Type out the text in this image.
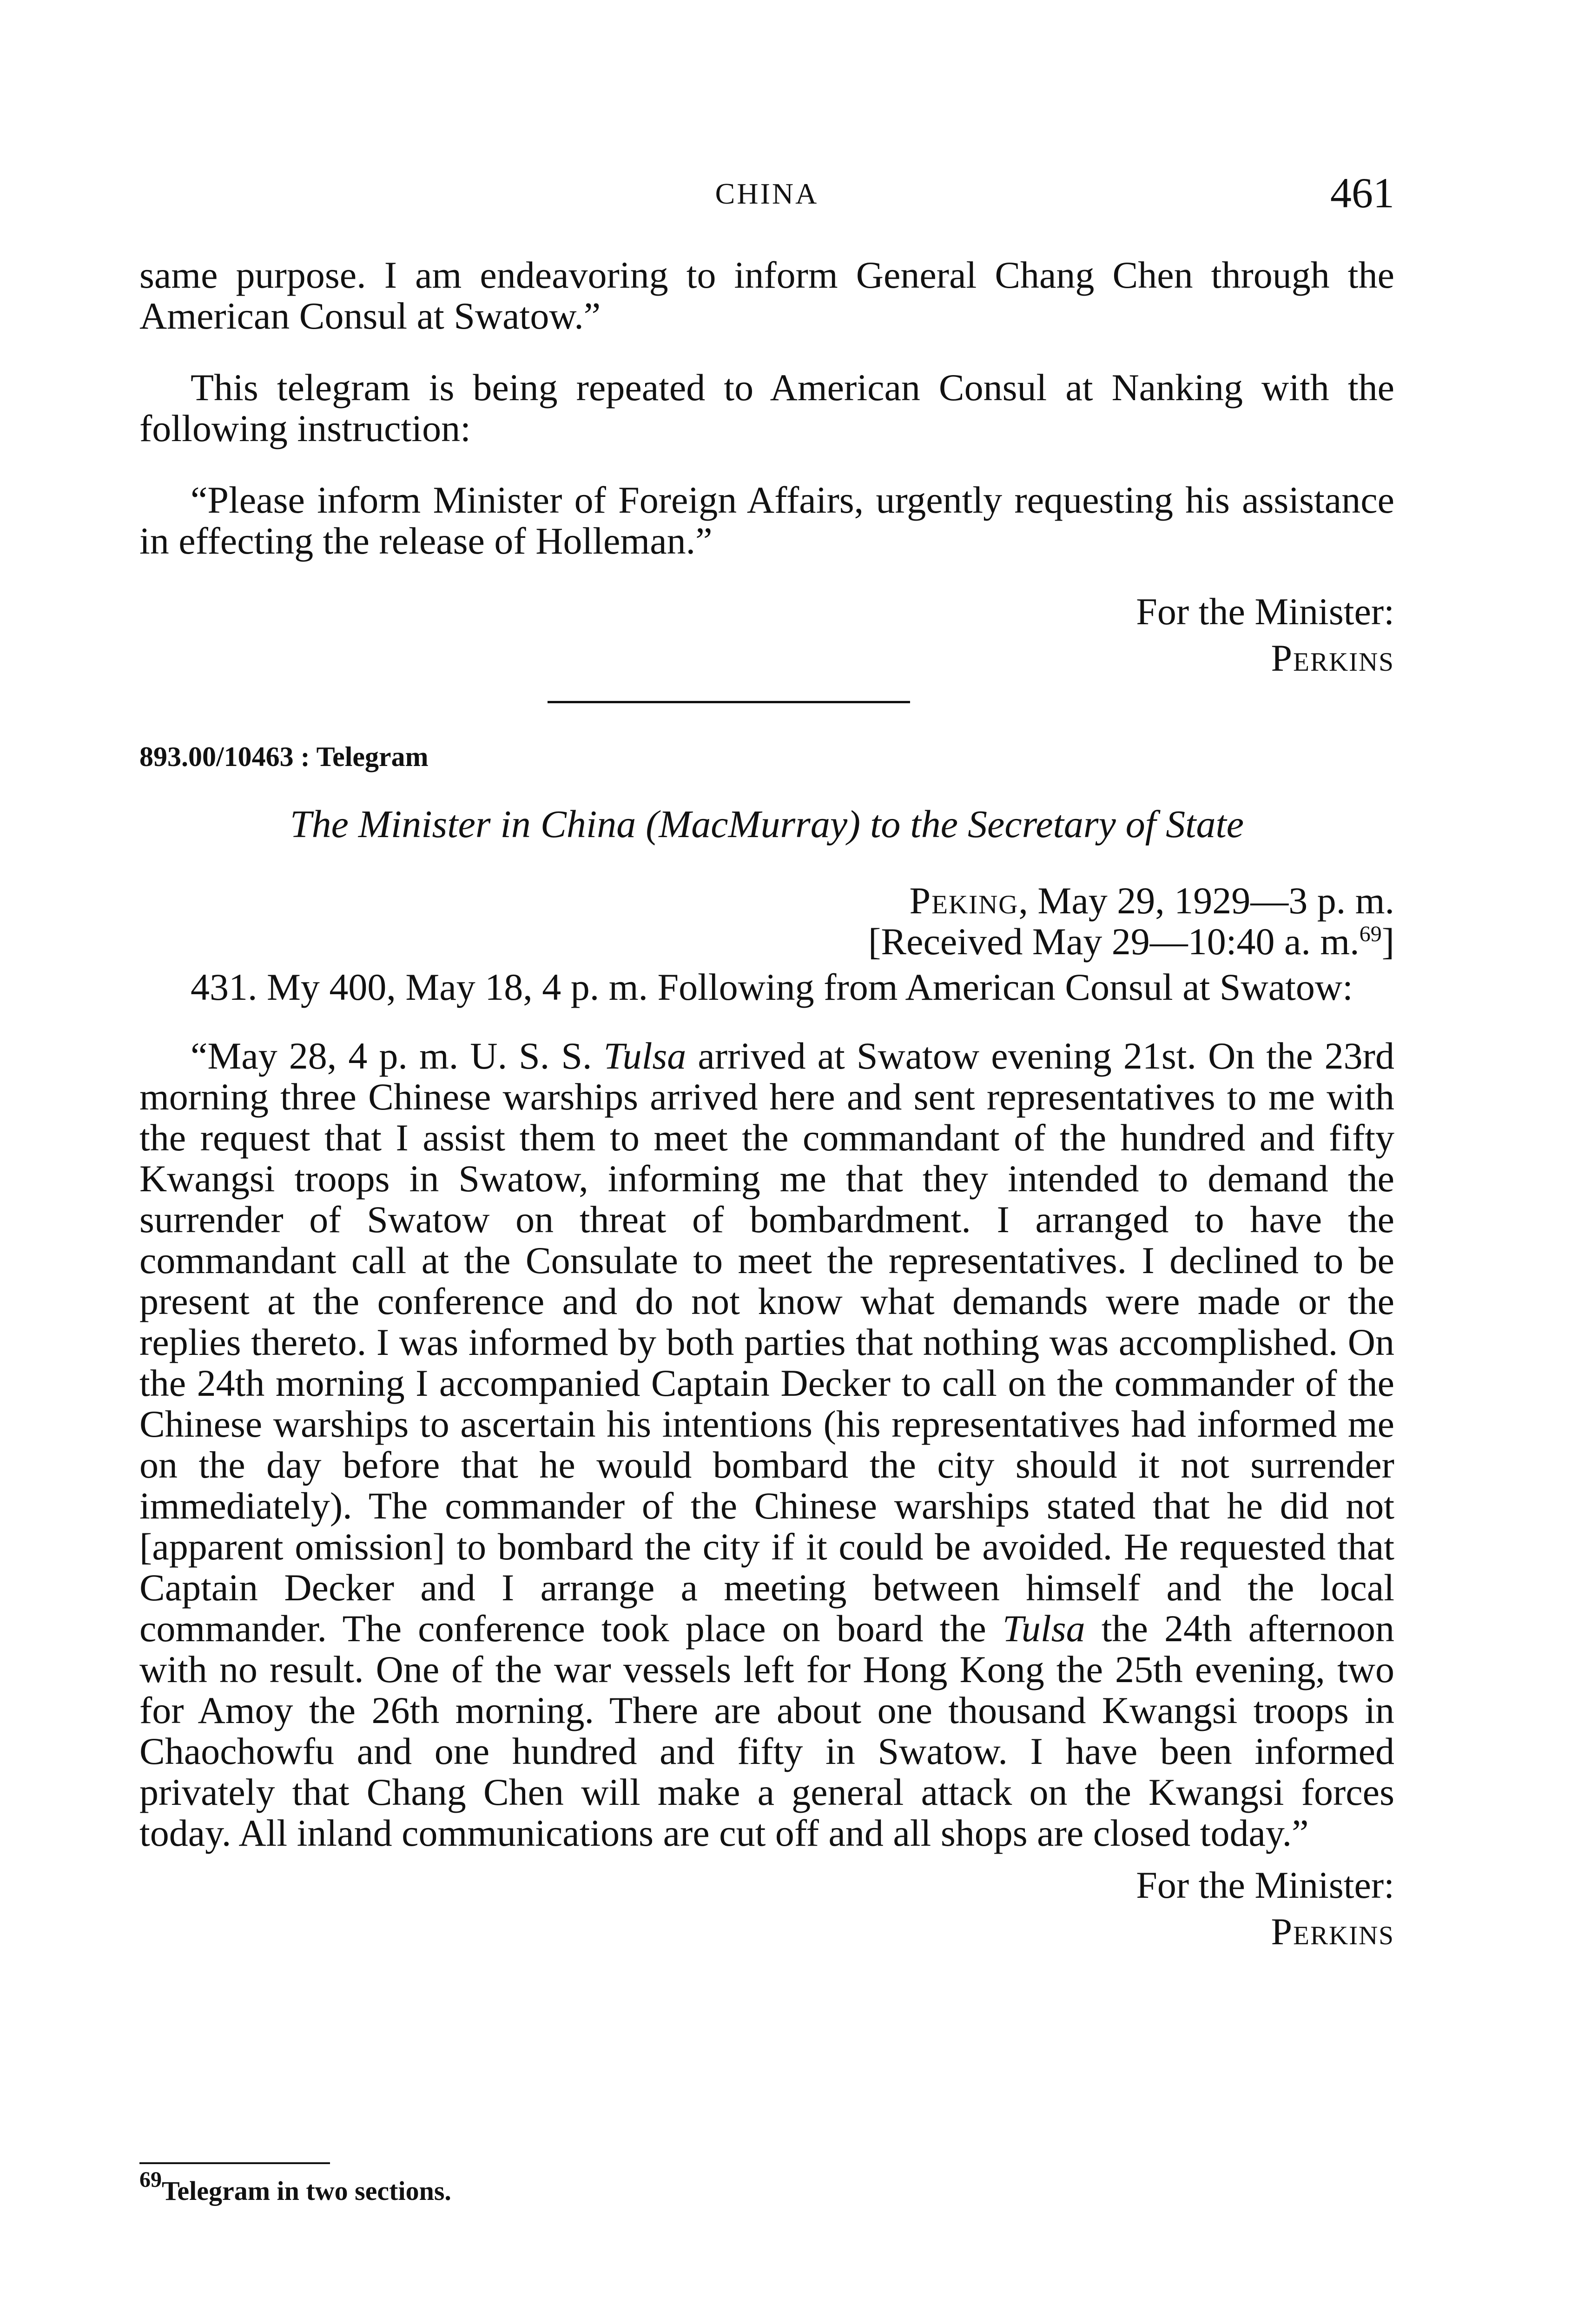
CHINA	461

same purpose. I am endeavoring to inform General Chang Chen through the American Consul at Swatow.”

This telegram is being repeated to American Consul at Nanking with the following instruction:

“Please inform Minister of Foreign Affairs, urgently requesting his assistance in effecting the release of Holleman.”

For the Minister:

Perkins

893.00/10463 : Telegram

The Minister in China (MacMurray) to the Secretary of State

Peking, May 29, 1929—3 p. m.

[Received May 29—10:40 a. m.$^{69}$]

431. My 400, May 18, 4 p. m. Following from American Consul at Swatow:

“May 28, 4 p. m. U. S. S. Tulsa arrived at Swatow evening 21st. On the 23rd morning three Chinese warships arrived here and sent representatives to me with the request that I assist them to meet the commandant of the hundred and fifty Kwangsi troops in Swatow, informing me that they intended to demand the surrender of Swatow on threat of bombardment. I arranged to have the commandant call at the Consulate to meet the representatives. I declined to be present at the conference and do not know what demands were made or the replies thereto. I was informed by both parties that nothing was accomplished. On the 24th morning I accompanied Captain Decker to call on the commander of the Chinese warships to ascertain his intentions (his representatives had informed me on the day before that he would bombard the city should it not surrender immediately). The commander of the Chinese warships stated that he did not [apparent omission] to bombard the city if it could be avoided. He requested that Captain Decker and I arrange a meeting between himself and the local commander. The conference took place on board the Tulsa the 24th afternoon with no result. One of the war vessels left for Hong Kong the 25th evening, two for Amoy the 26th morning. There are about one thousand Kwangsi troops in Chaochowfu and one hundred and fifty in Swatow. I have been informed privately that Chang Chen will make a general attack on the Kwangsi forces today. All inland communications are cut off and all shops are closed today.”

For the Minister:

Perkins

$^{69}$Telegram in two sections.
